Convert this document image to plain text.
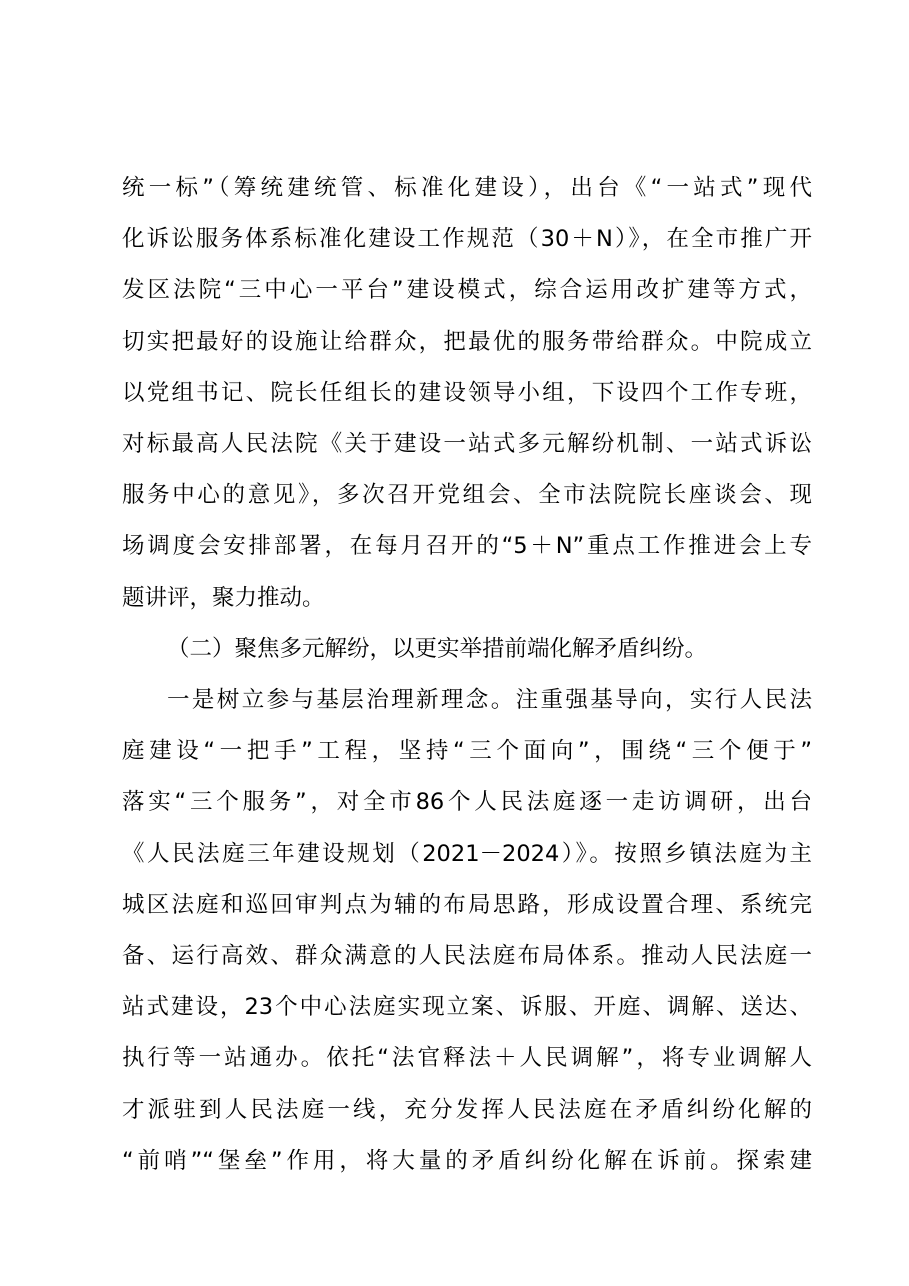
统一标”（筹统建统管、标准化建设），出台《“一站式”现代
化诉讼服务体系标准化建设工作规范（30＋N）》，在全市推广开
发区法院“三中心一平台”建设模式，综合运用改扩建等方式，
切实把最好的设施让给群众，把最优的服务带给群众。中院成立
以党组书记、院长任组长的建设领导小组，下设四个工作专班，
对标最高人民法院《关于建设一站式多元解纷机制、一站式诉讼
服务中心的意见》，多次召开党组会、全市法院院长座谈会、现
场调度会安排部署，在每月召开的“5＋N”重点工作推进会上专
题讲评，聚力推动。
（二）聚焦多元解纷，以更实举措前端化解矛盾纠纷。
一是树立参与基层治理新理念。注重强基导向，实行人民法
庭建设“一把手”工程，坚持“三个面向”，围绕“三个便于”
落实“三个服务”，对全市86个人民法庭逐一走访调研，出台
《人民法庭三年建设规划（2021－2024）》。按照乡镇法庭为主
城区法庭和巡回审判点为辅的布局思路，形成设置合理、系统完
备、运行高效、群众满意的人民法庭布局体系。推动人民法庭一
站式建设，23个中心法庭实现立案、诉服、开庭、调解、送达、
执行等一站通办。依托“法官释法＋人民调解”，将专业调解人
才派驻到人民法庭一线，充分发挥人民法庭在矛盾纠纷化解的
“前哨”“堡垒”作用，将大量的矛盾纠纷化解在诉前。探索建
